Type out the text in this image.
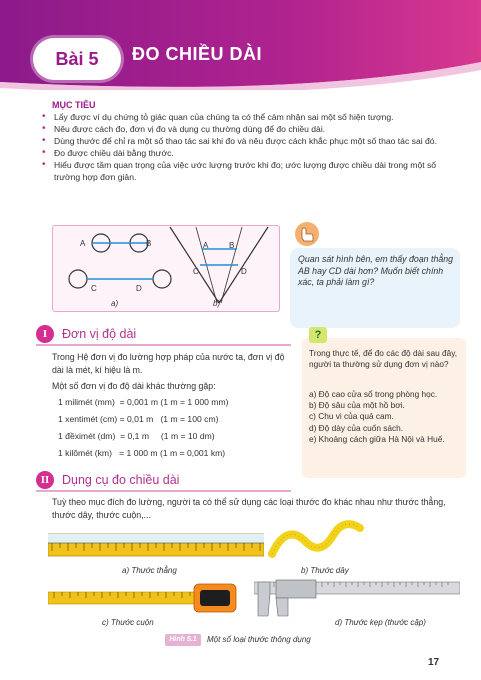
Bài 5	ĐO CHIỀU DÀI
MỤC TIÊU
• Lấy được ví dụ chứng tỏ giác quan của chúng ta có thể cảm nhận sai một số hiện tượng.
• Nêu được cách đo, đơn vị đo và dụng cụ thường dùng để đo chiều dài.
• Dùng thước để chỉ ra một số thao tác sai khi đo và nêu được cách khắc phục một số thao tác sai đó.
• Đo được chiều dài bằng thước.
• Hiểu được tầm quan trọng của việc ước lượng trước khi đo; ước lượng được chiều dài trong một số trường hợp đơn giản.
A	B
C	D
A	B
C	D
a)	b)
Quan sát hình bên, em thấy đoạn thẳng AB hay CD dài hơn? Muốn biết chính xác, ta phải làm gì?
I	Đơn vị độ dài
Trong Hệ đơn vị đo lường hợp pháp của nước ta, đơn vị độ dài là mét, kí hiệu là m.
Một số đơn vị đo độ dài khác thường gặp:
1 milimét (mm)  = 0,001 m (1 m = 1 000 mm)
1 xentimét (cm) = 0,01 m   (1 m = 100 cm)
1 đềximét (dm)  = 0,1 m     (1 m = 10 dm)
1 kilômét (km)   = 1 000 m (1 m = 0,001 km)
?
Trong thực tế, để đo các độ dài sau đây, người ta thường sử dụng đơn vị nào?
a) Độ cao cửa sổ trong phòng học.
b) Độ sâu của một hồ bơi.
c) Chu vi của quả cam.
d) Độ dày của cuốn sách.
e) Khoảng cách giữa Hà Nội và Huế.
II	Dụng cụ đo chiều dài
Tuỳ theo mục đích đo lường, người ta có thể sử dụng các loại thước đo khác nhau như thước thẳng, thước dây, thước cuộn,...
a) Thước thẳng	b) Thước dây
c) Thước cuộn	d) Thước kẹp (thước cặp)
Hình 5.1	Một số loại thước thông dụng
17
